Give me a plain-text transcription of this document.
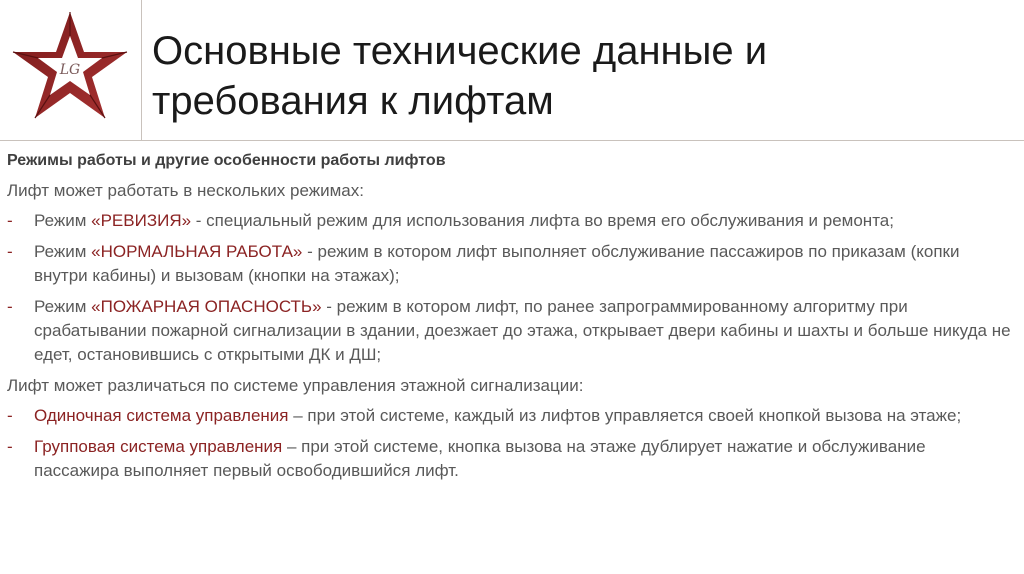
LG Основные технические данные и
требования к лифтам
Режимы работы и другие особенности работы лифтов
Лифт может работать в нескольких режимах:
- Режим «РЕВИЗИЯ» - специальный режим для использования лифта во время его обслуживания и ремонта;
- Режим «НОРМАЛЬНАЯ РАБОТА» - режим в котором лифт выполняет обслуживание пассажиров по приказам (копки внутри кабины) и вызовам (кнопки на этажах);
- Режим «ПОЖАРНАЯ ОПАСНОСТЬ» - режим в котором лифт, по ранее запрограммированному алгоритму при срабатывании пожарной сигнализации в здании, доезжает до этажа, открывает двери кабины и шахты и больше никуда не едет, остановившись с открытыми ДК и ДШ;
Лифт может различаться по системе управления этажной сигнализации:
- Одиночная система управления – при этой системе, каждый из лифтов управляется своей кнопкой вызова на этаже;
- Групповая система управления – при этой системе, кнопка вызова на этаже дублирует нажатие и обслуживание пассажира выполняет первый освободившийся лифт.
